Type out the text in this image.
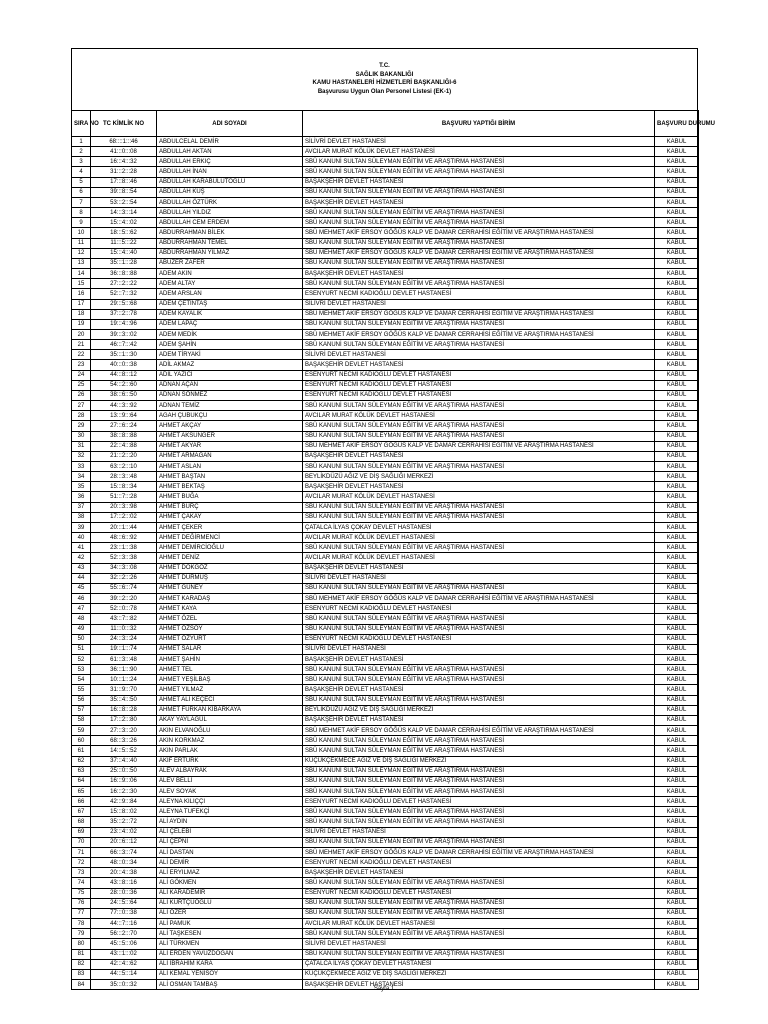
T.C.
SAĞLIK BAKANLIĞI
KAMU HASTANELERİ HİZMETLERİ BAŞKANLIĞI-6
Başvurusu Uygun Olan Personel Listesi (EK-1)
SIRA NO	TC KİMLİK NO	ADI SOYADI	BAŞVURU YAPTIĞI BİRİM	BAŞVURU DURUMU
1	68::::1:::46	ABDULCELAL DEMİR	SİLİVRİ DEVLET HASTANESİ	KABUL
2	41:::0:::08	ABDULLAH AKTAN	AVCILAR MURAT KÖLÜK DEVLET HASTANESİ	KABUL
3	16:::4:::32	ABDULLAH ERKIÇ	SBÜ KANUNİ SULTAN SÜLEYMAN EĞİTİM VE ARAŞTIRMA HASTANESİ	KABUL
4	31:::2:::28	ABDULLAH İNAN	SBÜ KANUNİ SULTAN SÜLEYMAN EĞİTİM VE ARAŞTIRMA HASTANESİ	KABUL
5	17:::8:::46	ABDULLAH KARABULUTOĞLU	BAŞAKŞEHİR DEVLET HASTANESİ	KABUL
6	39:::8:::54	ABDULLAH KUŞ	SBÜ KANUNİ SULTAN SÜLEYMAN EĞİTİM VE ARAŞTIRMA HASTANESİ	KABUL
7	53:::2:::54	ABDULLAH ÖZTÜRK	BAŞAKŞEHİR DEVLET HASTANESİ	KABUL
8	14:::3:::14	ABDULLAH YILDIZ	SBÜ KANUNİ SULTAN SÜLEYMAN EĞİTİM VE ARAŞTIRMA HASTANESİ	KABUL
9	15:::4:::02	ABDULLAH CEM ERDEM	SBÜ KANUNİ SULTAN SÜLEYMAN EĞİTİM VE ARAŞTIRMA HASTANESİ	KABUL
10	18:::5:::62	ABDURRAHMAN BİLEK	SBÜ MEHMET AKİF ERSOY GÖĞÜS KALP VE DAMAR CERRAHİSİ EĞİTİM VE ARAŞTIRMA HASTANESİ	KABUL
11	11:::5:::22	ABDURRAHMAN TEMEL	SBÜ KANUNİ SULTAN SÜLEYMAN EĞİTİM VE ARAŞTIRMA HASTANESİ	KABUL
12	15:::4:::40	ABDURRAHMAN YILMAZ	SBÜ MEHMET AKİF ERSOY GÖĞÜS KALP VE DAMAR CERRAHİSİ EĞİTİM VE ARAŞTIRMA HASTANESİ	KABUL
13	35:::1:::28	ABUZER ZAFER	SBÜ KANUNİ SULTAN SÜLEYMAN EĞİTİM VE ARAŞTIRMA HASTANESİ	KABUL
14	36:::8:::88	ADEM AKIN	BAŞAKŞEHİR DEVLET HASTANESİ	KABUL
15	27:::2:::22	ADEM ALTAY	SBÜ KANUNİ SULTAN SÜLEYMAN EĞİTİM VE ARAŞTIRMA HASTANESİ	KABUL
16	52:::7:::32	ADEM ARSLAN	ESENYURT NECMİ KADIOĞLU DEVLET HASTANESİ	KABUL
17	29:::5:::68	ADEM ÇETİNTAŞ	SİLİVRİ DEVLET HASTANESİ	KABUL
18	37:::2:::78	ADEM KAYALIK	SBÜ MEHMET AKİF ERSOY GÖĞÜS KALP VE DAMAR CERRAHİSİ EĞİTİM VE ARAŞTIRMA HASTANESİ	KABUL
19	19:::4:::96	ADEM LAPAÇ	SBÜ KANUNİ SULTAN SÜLEYMAN EĞİTİM VE ARAŞTIRMA HASTANESİ	KABUL
20	39:::3:::02	ADEM MEDİK	SBÜ MEHMET AKİF ERSOY GÖĞÜS KALP VE DAMAR CERRAHİSİ EĞİTİM VE ARAŞTIRMA HASTANESİ	KABUL
21	46:::7:::42	ADEM ŞAHİN	SBÜ KANUNİ SULTAN SÜLEYMAN EĞİTİM VE ARAŞTIRMA HASTANESİ	KABUL
22	35:::1:::30	ADEM TİRYAKİ	SİLİVRİ DEVLET HASTANESİ	KABUL
23	40:::0:::38	ADİL AKMAZ	BAŞAKŞEHİR DEVLET HASTANESİ	KABUL
24	44:::8:::12	ADİL YAZICI	ESENYURT NECMİ KADIOĞLU DEVLET HASTANESİ	KABUL
25	54:::2:::60	ADNAN AÇAN	ESENYURT NECMİ KADIOĞLU DEVLET HASTANESİ	KABUL
26	38:::6:::50	ADNAN SÖNMEZ	ESENYURT NECMİ KADIOĞLU DEVLET HASTANESİ	KABUL
27	44:::3:::92	ADNAN TEMİZ	SBÜ KANUNİ SULTAN SÜLEYMAN EĞİTİM VE ARAŞTIRMA HASTANESİ	KABUL
28	13:::9:::64	AGAH ÇUBUKÇU	AVCILAR MURAT KÖLÜK DEVLET HASTANESİ	KABUL
29	27:::6:::24	AHMET AKÇAY	SBÜ KANUNİ SULTAN SÜLEYMAN EĞİTİM VE ARAŞTIRMA HASTANESİ	KABUL
30	38:::8:::88	AHMET AKSUNGER	SBÜ KANUNİ SULTAN SÜLEYMAN EĞİTİM VE ARAŞTIRMA HASTANESİ	KABUL
31	22:::4:::88	AHMET AKYAR	SBÜ MEHMET AKİF ERSOY GÖĞÜS KALP VE DAMAR CERRAHİSİ EĞİTİM VE ARAŞTIRMA HASTANESİ	KABUL
32	21:::2:::20	AHMET ARMAĞAN	BAŞAKŞEHİR DEVLET HASTANESİ	KABUL
33	63:::2:::10	AHMET ASLAN	SBÜ KANUNİ SULTAN SÜLEYMAN EĞİTİM VE ARAŞTIRMA HASTANESİ	KABUL
34	28:::3:::48	AHMET BAŞTAN	BEYLİKDÜZÜ AĞIZ VE DİŞ SAĞLIĞI MERKEZİ	KABUL
35	15:::8:::34	AHMET BEKTAŞ	BAŞAKŞEHİR DEVLET HASTANESİ	KABUL
36	51:::7:::28	AHMET BUĞA	AVCILAR MURAT KÖLÜK DEVLET HASTANESİ	KABUL
37	20:::3:::98	AHMET BURÇ	SBÜ KANUNİ SULTAN SÜLEYMAN EĞİTİM VE ARAŞTIRMA HASTANESİ	KABUL
38	17:::2:::02	AHMET ÇAKAY	SBÜ KANUNİ SULTAN SÜLEYMAN EĞİTİM VE ARAŞTIRMA HASTANESİ	KABUL
39	20:::1:::44	AHMET ÇEKER	ÇATALCA İLYAS ÇOKAY DEVLET HASTANESİ	KABUL
40	48:::6:::92	AHMET DEĞİRMENCİ	AVCILAR MURAT KÖLÜK DEVLET HASTANESİ	KABUL
41	23:::1:::38	AHMET DEMİRCİOĞLU	SBÜ KANUNİ SULTAN SÜLEYMAN EĞİTİM VE ARAŞTIRMA HASTANESİ	KABUL
42	52:::3:::38	AHMET DENİZ	AVCILAR MURAT KÖLÜK DEVLET HASTANESİ	KABUL
43	34:::3:::08	AHMET DOKGÖZ	BAŞAKŞEHİR DEVLET HASTANESİ	KABUL
44	32:::2:::26	AHMET DURMUŞ	SİLİVRİ DEVLET HASTANESİ	KABUL
45	55:::6:::74	AHMET GÜNEY	SBÜ KANUNİ SULTAN SÜLEYMAN EĞİTİM VE ARAŞTIRMA HASTANESİ	KABUL
46	39:::2:::20	AHMET KARADAŞ	SBÜ MEHMET AKİF ERSOY GÖĞÜS KALP VE DAMAR CERRAHİSİ EĞİTİM VE ARAŞTIRMA HASTANESİ	KABUL
47	52:::0:::78	AHMET KAYA	ESENYURT NECMİ KADIOĞLU DEVLET HASTANESİ	KABUL
48	43:::7:::82	AHMET ÖZEL	SBÜ KANUNİ SULTAN SÜLEYMAN EĞİTİM VE ARAŞTIRMA HASTANESİ	KABUL
49	11:::0:::32	AHMET ÖZSOY	SBÜ KANUNİ SULTAN SÜLEYMAN EĞİTİM VE ARAŞTIRMA HASTANESİ	KABUL
50	24:::3:::24	AHMET ÖZYURT	ESENYURT NECMİ KADIOĞLU DEVLET HASTANESİ	KABUL
51	19:::1:::74	AHMET SALAR	SİLİVRİ DEVLET HASTANESİ	KABUL
52	61:::3:::48	AHMET ŞAHİN	BAŞAKŞEHİR DEVLET HASTANESİ	KABUL
53	36:::1:::90	AHMET TEL	SBÜ KANUNİ SULTAN SÜLEYMAN EĞİTİM VE ARAŞTIRMA HASTANESİ	KABUL
54	10:::1:::24	AHMET YEŞİLBAŞ	SBÜ KANUNİ SULTAN SÜLEYMAN EĞİTİM VE ARAŞTIRMA HASTANESİ	KABUL
55	31:::9:::70	AHMET YILMAZ	BAŞAKŞEHİR DEVLET HASTANESİ	KABUL
56	35:::4:::50	AHMET ALİ KEÇECİ	SBÜ KANUNİ SULTAN SÜLEYMAN EĞİTİM VE ARAŞTIRMA HASTANESİ	KABUL
57	16:::8:::28	AHMET FURKAN KİBARKAYA	BEYLİKDÜZÜ AĞIZ VE DİŞ SAĞLIĞI MERKEZİ	KABUL
58	17:::2:::80	AKAY YAYLAGÜL	BAŞAKŞEHİR DEVLET HASTANESİ	KABUL
59	27:::3:::20	AKIN ELVANOĞLU	SBÜ MEHMET AKİF ERSOY GÖĞÜS KALP VE DAMAR CERRAHİSİ EĞİTİM VE ARAŞTIRMA HASTANESİ	KABUL
60	68:::3:::26	AKIN KORKMAZ	SBÜ KANUNİ SULTAN SÜLEYMAN EĞİTİM VE ARAŞTIRMA HASTANESİ	KABUL
61	14:::5:::52	AKIN PARLAK	SBÜ KANUNİ SULTAN SÜLEYMAN EĞİTİM VE ARAŞTIRMA HASTANESİ	KABUL
62	37:::4:::40	AKİF ERTÜRK	KÜÇÜKÇEKMECE AĞIZ VE DİŞ SAĞLIĞI MERKEZİ	KABUL
63	25:::0:::50	ALEV ALBAYRAK	SBÜ KANUNİ SULTAN SÜLEYMAN EĞİTİM VE ARAŞTIRMA HASTANESİ	KABUL
64	16:::9:::06	ALEV BELLİ	SBÜ KANUNİ SULTAN SÜLEYMAN EĞİTİM VE ARAŞTIRMA HASTANESİ	KABUL
65	16:::2:::30	ALEV SOYAK	SBÜ KANUNİ SULTAN SÜLEYMAN EĞİTİM VE ARAŞTIRMA HASTANESİ	KABUL
66	42:::9:::84	ALEYNA KILIÇÇI	ESENYURT NECMİ KADIOĞLU DEVLET HASTANESİ	KABUL
67	15:::8:::02	ALEYNA TUFEKÇİ	SBÜ KANUNİ SULTAN SÜLEYMAN EĞİTİM VE ARAŞTIRMA HASTANESİ	KABUL
68	35:::2:::72	ALİ AYDIN	SBÜ KANUNİ SULTAN SÜLEYMAN EĞİTİM VE ARAŞTIRMA HASTANESİ	KABUL
69	23:::4:::02	ALİ ÇELEBİ	SİLİVRİ DEVLET HASTANESİ	KABUL
70	20:::6:::12	ALİ ÇEPNİ	SBÜ KANUNİ SULTAN SÜLEYMAN EĞİTİM VE ARAŞTIRMA HASTANESİ	KABUL
71	66:::3:::74	ALİ DASTAN	SBÜ MEHMET AKİF ERSOY GÖĞÜS KALP VE DAMAR CERRAHİSİ EĞİTİM VE ARAŞTIRMA HASTANESİ	KABUL
72	48:::0:::34	ALİ DEMİR	ESENYURT NECMİ KADIOĞLU DEVLET HASTANESİ	KABUL
73	20:::4:::38	ALİ ERYILMAZ	BAŞAKŞEHİR DEVLET HASTANESİ	KABUL
74	43:::8:::16	ALİ GÖKMEN	SBÜ KANUNİ SULTAN SÜLEYMAN EĞİTİM VE ARAŞTIRMA HASTANESİ	KABUL
75	28:::0:::36	ALİ KARADEMİR	ESENYURT NECMİ KADIOĞLU DEVLET HASTANESİ	KABUL
76	24:::5:::64	ALİ KURTÇUOĞLU	SBÜ KANUNİ SULTAN SÜLEYMAN EĞİTİM VE ARAŞTIRMA HASTANESİ	KABUL
77	77:::0:::38	ALİ ÖZER	SBÜ KANUNİ SULTAN SÜLEYMAN EĞİTİM VE ARAŞTIRMA HASTANESİ	KABUL
78	44:::7:::16	ALİ PAMUK	AVCILAR MURAT KÖLÜK DEVLET HASTANESİ	KABUL
79	56:::2:::70	ALİ TAŞKESEN	SBÜ KANUNİ SULTAN SÜLEYMAN EĞİTİM VE ARAŞTIRMA HASTANESİ	KABUL
80	45:::5:::06	ALİ TÜRKMEN	SİLİVRİ DEVLET HASTANESİ	KABUL
81	43:::1:::02	ALİ ERDEN YAVUZDOĞAN	SBÜ KANUNİ SULTAN SÜLEYMAN EĞİTİM VE ARAŞTIRMA HASTANESİ	KABUL
82	42:::4:::62	ALİ İBRAHİM KARA	ÇATALCA İLYAS ÇOKAY DEVLET HASTANESİ	KABUL
83	44:::5:::14	ALİ KEMAL YENİSOY	KÜÇÜKÇEKMECE AĞIZ VE DİŞ SAĞLIĞI MERKEZİ	KABUL
84	35:::0:::32	ALİ OSMAN TAMBAŞ	BAŞAKŞEHİR DEVLET HASTANESİ	KABUL
Sayfa 1
